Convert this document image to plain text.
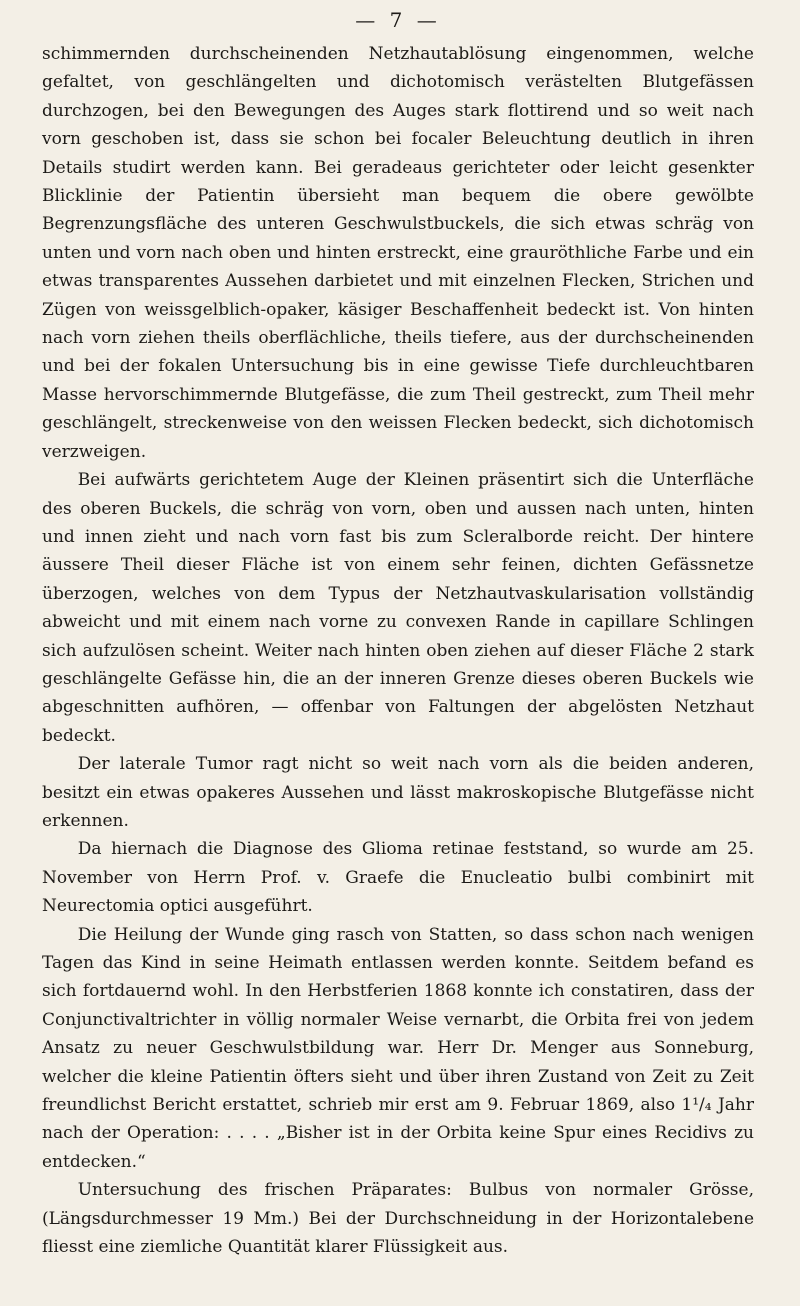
— 7 —

schimmernden durchscheinenden Netzhautablösung eingenommen, welche gefaltet, von geschlängelten und dichotomisch verästelten Blutgefässen durchzogen, bei den Bewegungen des Auges stark flottirend und so weit nach vorn geschoben ist, dass sie schon bei focaler Beleuchtung deutlich in ihren Details studirt werden kann. Bei geradeaus gerichteter oder leicht gesenkter Blicklinie der Patientin übersieht man bequem die obere gewölbte Begrenzungsfläche des unteren Geschwulstbuckels, die sich etwas schräg von unten und vorn nach oben und hinten erstreckt, eine grauröthliche Farbe und ein etwas transparentes Aussehen darbietet und mit einzelnen Flecken, Strichen und Zügen von weissgelblich-opaker, käsiger Beschaffenheit bedeckt ist. Von hinten nach vorn ziehen theils oberflächliche, theils tiefere, aus der durchscheinenden und bei der fokalen Untersuchung bis in eine gewisse Tiefe durchleuchtbaren Masse hervorschimmernde Blutgefässe, die zum Theil gestreckt, zum Theil mehr geschlängelt, streckenweise von den weissen Flecken bedeckt, sich dichotomisch verzweigen.

Bei aufwärts gerichtetem Auge der Kleinen präsentirt sich die Unterfläche des oberen Buckels, die schräg von vorn, oben und aussen nach unten, hinten und innen zieht und nach vorn fast bis zum Scleralborde reicht. Der hintere äussere Theil dieser Fläche ist von einem sehr feinen, dichten Gefässnetze überzogen, welches von dem Typus der Netzhautvaskularisation vollständig abweicht und mit einem nach vorne zu convexen Rande in capillare Schlingen sich aufzulösen scheint. Weiter nach hinten oben ziehen auf dieser Fläche 2 stark geschlängelte Gefässe hin, die an der inneren Grenze dieses oberen Buckels wie abgeschnitten aufhören, — offenbar von Faltungen der abgelösten Netzhaut bedeckt.

Der laterale Tumor ragt nicht so weit nach vorn als die beiden anderen, besitzt ein etwas opakeres Aussehen und lässt makroskopische Blutgefässe nicht erkennen.

Da hiernach die Diagnose des Glioma retinae feststand, so wurde am 25. November von Herrn Prof. v. Graefe die Enucleatio bulbi combinirt mit Neurectomia optici ausgeführt.

Die Heilung der Wunde ging rasch von Statten, so dass schon nach wenigen Tagen das Kind in seine Heimath entlassen werden konnte. Seitdem befand es sich fortdauernd wohl. In den Herbstferien 1868 konnte ich constatiren, dass der Conjunctivaltrichter in völlig normaler Weise vernarbt, die Orbita frei von jedem Ansatz zu neuer Geschwulstbildung war. Herr Dr. Menger aus Sonneburg, welcher die kleine Patientin öfters sieht und über ihren Zustand von Zeit zu Zeit freundlichst Bericht erstattet, schrieb mir erst am 9. Februar 1869, also 1¹/₄ Jahr nach der Operation: . . . . „Bisher ist in der Orbita keine Spur eines Recidivs zu entdecken.“

Untersuchung des frischen Präparates: Bulbus von normaler Grösse, (Längsdurchmesser 19 Mm.) Bei der Durchschneidung in der Horizontalebene fliesst eine ziemliche Quantität klarer Flüssigkeit aus.
